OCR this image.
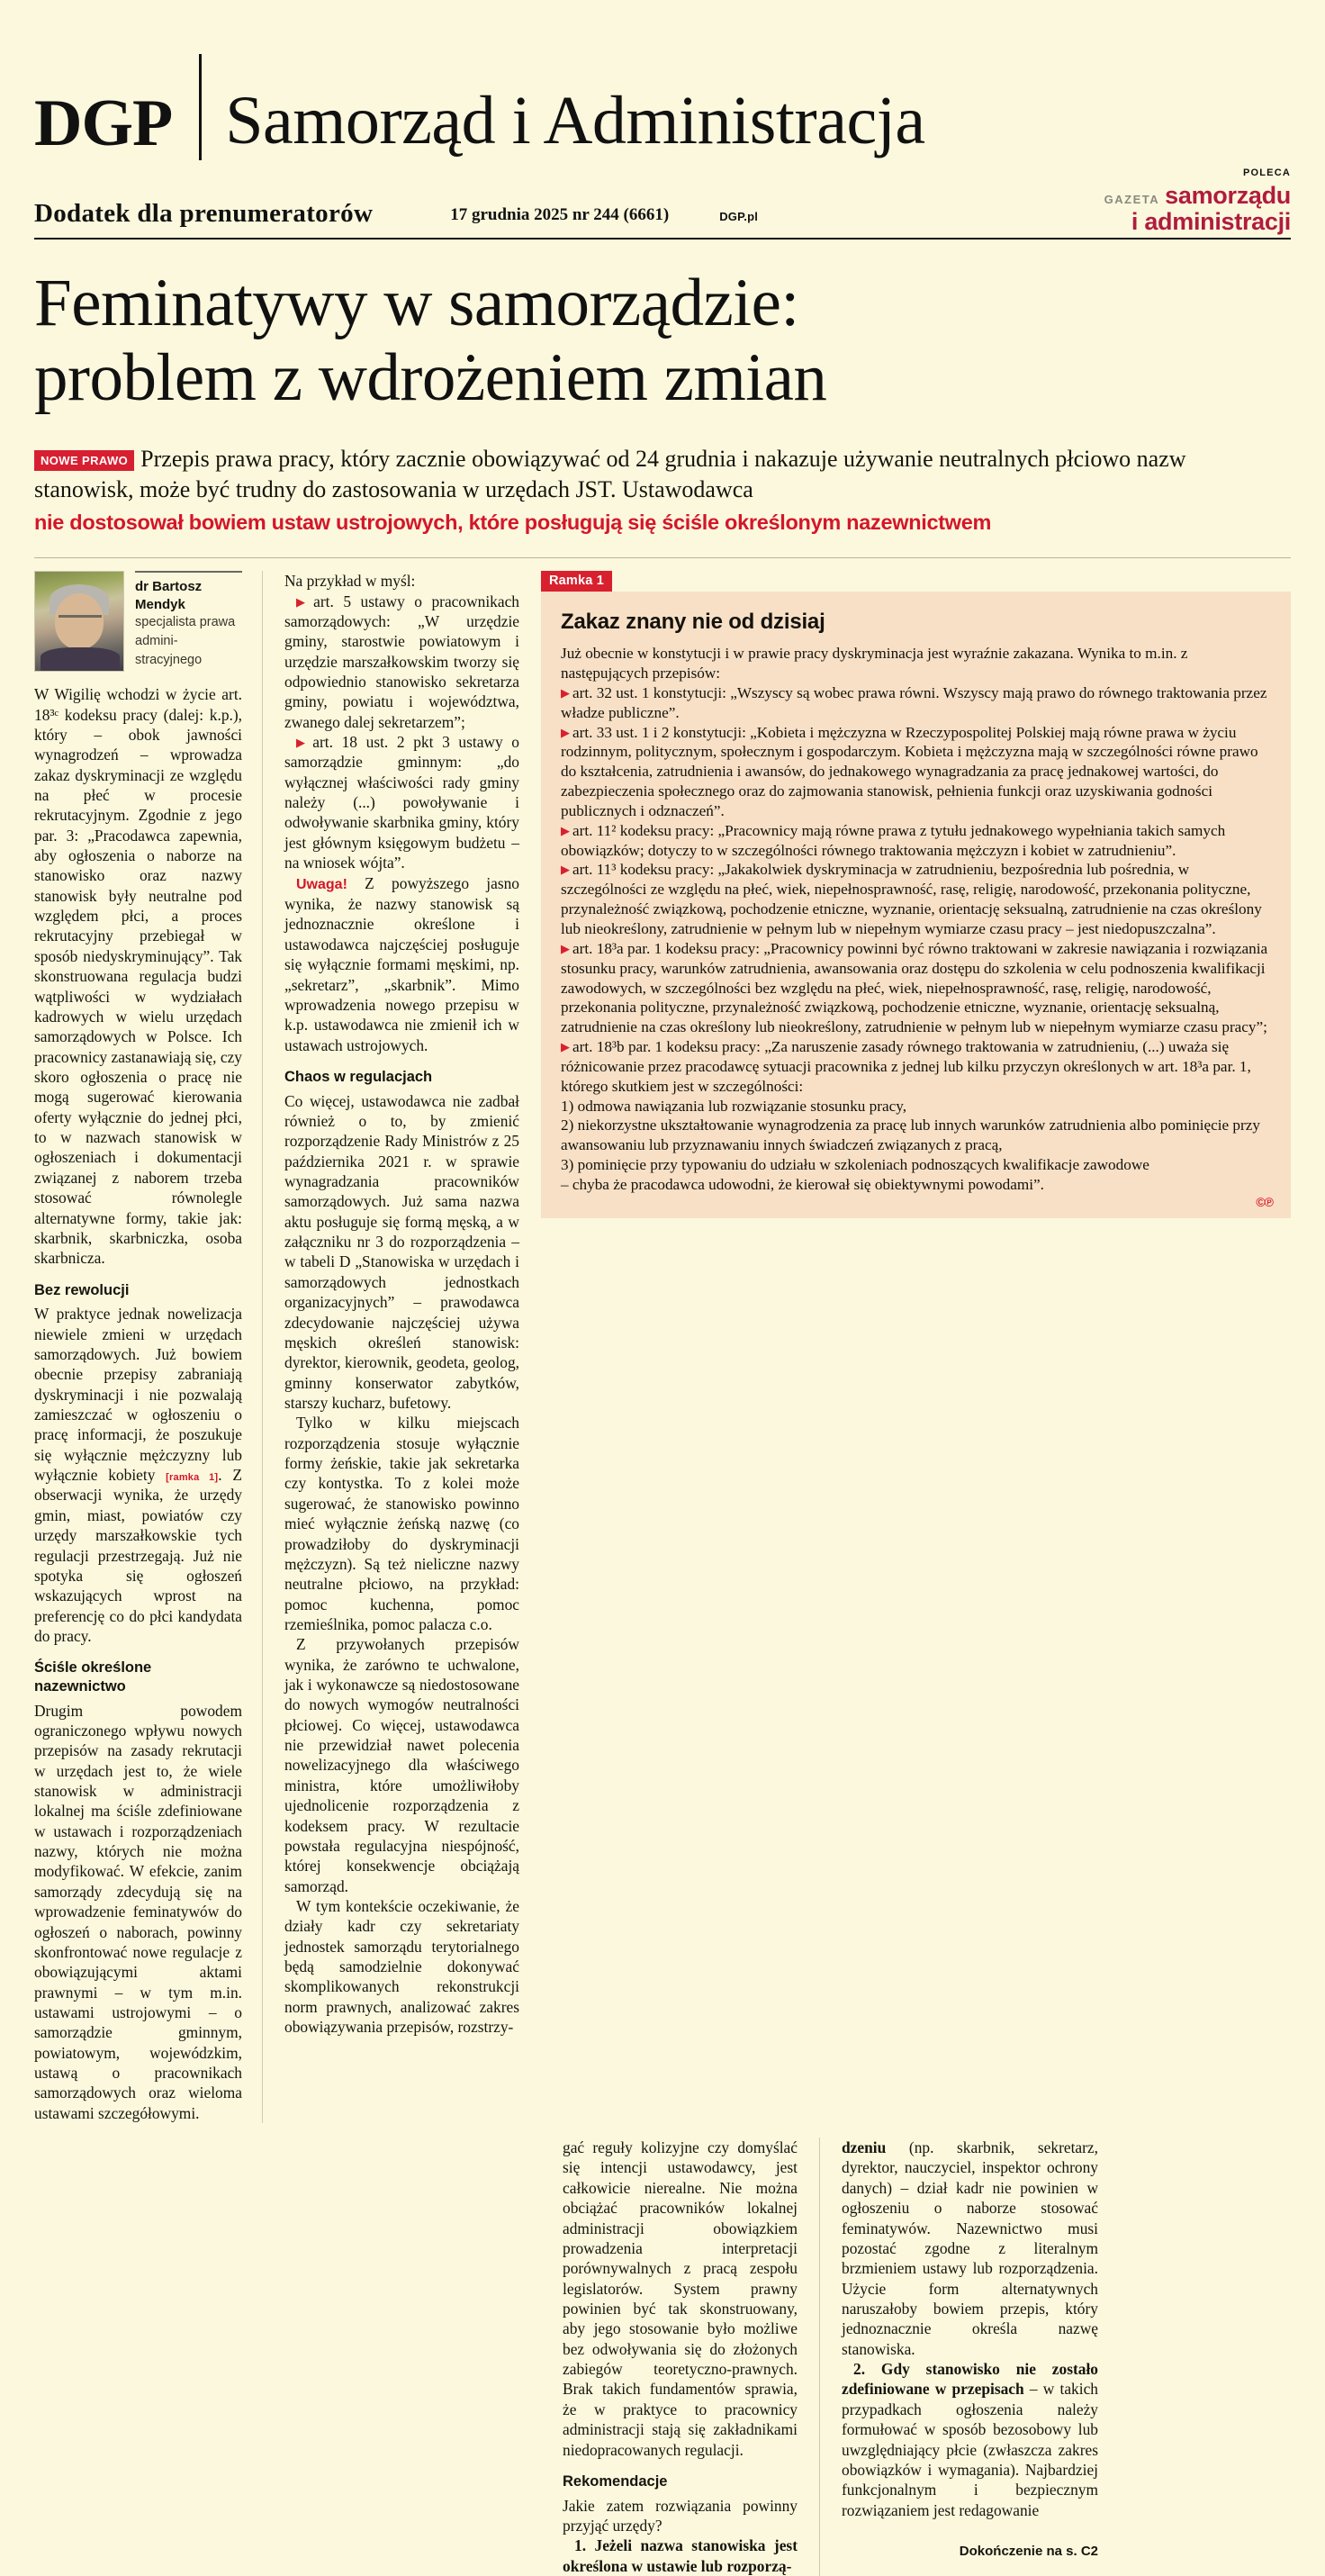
DGP Samorząd i Administracja
Dodatek dla prenumeratorów	17 grudnia 2025 nr 244 (6661)	DGP.pl
POLECA
GAZETA samorządu
i administracji
Feminatywy w samorządzie:
problem z wdrożeniem zmian
NOWE PRAWO Przepis prawa pracy, który zacznie obowiązywać od 24 grudnia i nakazuje używanie neutralnych płciowo nazw stanowisk, może być trudny do zastosowania w urzędach JST. Ustawodawca
nie dostosował bowiem ustaw ustrojowych, które posługują się ściśle określonym nazewnictwem
dr Bartosz Mendyk
specjalista prawa admini-
stracyjnego

W Wigilię wchodzi w życie art. 18³ᶜ kodeksu pracy (dalej: k.p.), który – obok jawności wynagrodzeń – wprowadza zakaz dyskryminacji ze względu na płeć w procesie rekrutacyjnym. Zgodnie z jego par. 3: „Pracodawca zapewnia, aby ogłoszenia o naborze na stanowisko oraz nazwy stanowisk były neutralne pod względem płci, a proces rekrutacyjny przebiegał w sposób niedyskryminujący”. Tak skonstruowana regulacja budzi wątpliwości w wydziałach kadrowych w wielu urzędach samorządowych w Polsce. Ich pracownicy zastanawiają się, czy skoro ogłoszenia o pracę nie mogą sugerować kierowania oferty wyłącznie do jednej płci, to w nazwach stanowisk w ogłoszeniach i dokumentacji związanej z naborem trzeba stosować równolegle alternatywne formy, takie jak: skarbnik, skarbniczka, osoba skarbnicza.

Bez rewolucji

W praktyce jednak nowelizacja niewiele zmieni w urzędach samorządowych. Już bowiem obecnie przepisy zabraniają dyskryminacji i nie pozwalają zamieszczać w ogłoszeniu o pracę informacji, że poszukuje się wyłącznie mężczyzny lub wyłącznie kobiety [ramka 1]. Z obserwacji wynika, że urzędy gmin, miast, powiatów czy urzędy marszałkowskie tych regulacji przestrzegają. Już nie spotyka się ogłoszeń wskazujących wprost na preferencję co do płci kandydata do pracy.

Ściśle określone nazewnictwo

Drugim powodem ograniczonego wpływu nowych przepisów na zasady rekrutacji w urzędach jest to, że wiele stanowisk w administracji lokalnej ma ściśle zdefiniowane w ustawach i rozporządzeniach nazwy, których nie można modyfikować. W efekcie, zanim samorządy zdecydują się na wprowadzenie feminatywów do ogłoszeń o naborach, powinny skonfrontować nowe regulacje z obowiązującymi aktami prawnymi – w tym m.in. ustawami ustrojowymi – o samorządzie gminnym, powiatowym, wojewódzkim, ustawą o pracownikach samorządowych oraz wieloma ustawami szczegółowymi.

Na przykład w myśl:

▶ art. 5 ustawy o pracownikach samorządowych: „W urzędzie gminy, starostwie powiatowym i urzędzie marszałkowskim tworzy się odpowiednio stanowisko sekretarza gminy, powiatu i województwa, zwanego dalej sekretarzem”;

▶ art. 18 ust. 2 pkt 3 ustawy o samorządzie gminnym: „do wyłącznej właściwości rady gminy należy (...) powoływanie i odwoływanie skarbnika gminy, który jest głównym księgowym budżetu – na wniosek wójta”.

Uwaga! Z powyższego jasno wynika, że nazwy stanowisk są jednoznacznie określone i ustawodawca najczęściej posługuje się wyłącznie formami męskimi, np. „sekretarz”, „skarbnik”. Mimo wprowadzenia nowego przepisu w k.p. ustawodawca nie zmienił ich w ustawach ustrojowych.

Chaos w regulacjach

Co więcej, ustawodawca nie zadbał również o to, by zmienić rozporządzenie Rady Ministrów z 25 października 2021 r. w sprawie wynagradzania pracowników samorządowych. Już sama nazwa aktu posługuje się formą męską, a w załączniku nr 3 do rozporządzenia – w tabeli D „Stanowiska w urzędach i samorządowych jednostkach organizacyjnych” – prawodawca zdecydowanie najczęściej używa męskich określeń stanowisk: dyrektor, kierownik, geodeta, geolog, gminny konserwator zabytków, starszy kucharz, bufetowy.

Tylko w kilku miejscach rozporządzenia stosuje wyłącznie formy żeńskie, takie jak sekretarka czy kontystka. To z kolei może sugerować, że stanowisko powinno mieć wyłącznie żeńską nazwę (co prowadziłoby do dyskryminacji mężczyzn). Są też nieliczne nazwy neutralne płciowo, na przykład: pomoc kuchenna, pomoc rzemieślnika, pomoc palacza c.o.

Z przywołanych przepisów wynika, że zarówno te uchwalone, jak i wykonawcze są niedostosowane do nowych wymogów neutralności płciowej. Co więcej, ustawodawca nie przewidział nawet polecenia nowelizacyjnego dla właściwego ministra, które umożliwiłoby ujednolicenie rozporządzenia z kodeksem pracy. W rezultacie powstała regulacyjna niespójność, której konsekwencje obciążają samorząd.

W tym kontekście oczekiwanie, że działy kadr czy sekretariaty jednostek samorządu terytorialnego będą samodzielnie dokonywać skomplikowanych rekonstrukcji norm prawnych, analizować zakres obowiązywania przepisów, rozstrzy-

Ramka 1
Zakaz znany nie od dzisiaj

Już obecnie w konstytucji i w prawie pracy dyskryminacja jest wyraźnie zakazana. Wynika to m.in. z następujących przepisów:

▶ art. 32 ust. 1 konstytucji: „Wszyscy są wobec prawa równi. Wszyscy mają prawo do równego traktowania przez władze publiczne”.

▶ art. 33 ust. 1 i 2 konstytucji: „Kobieta i mężczyzna w Rzeczypospolitej Polskiej mają równe prawa w życiu rodzinnym, politycznym, społecznym i gospodarczym. Kobieta i mężczyzna mają w szczególności równe prawo do kształcenia, zatrudnienia i awansów, do jednakowego wynagradzania za pracę jednakowej wartości, do zabezpieczenia społecznego oraz do zajmowania stanowisk, pełnienia funkcji oraz uzyskiwania godności publicznych i odznaczeń”.

▶ art. 11² kodeksu pracy: „Pracownicy mają równe prawa z tytułu jednakowego wypełniania takich samych obowiązków; dotyczy to w szczególności równego traktowania mężczyzn i kobiet w zatrudnieniu”.

▶ art. 11³ kodeksu pracy: „Jakakolwiek dyskryminacja w zatrudnieniu, bezpośrednia lub pośrednia, w szczególności ze względu na płeć, wiek, niepełnosprawność, rasę, religię, narodowość, przekonania polityczne, przynależność związkową, pochodzenie etniczne, wyznanie, orientację seksualną, zatrudnienie na czas określony lub nieokreślony, zatrudnienie w pełnym lub w niepełnym wymiarze czasu pracy – jest niedopuszczalna”.

▶ art. 18³a par. 1 kodeksu pracy: „Pracownicy powinni być równo traktowani w zakresie nawiązania i rozwiązania stosunku pracy, warunków zatrudnienia, awansowania oraz dostępu do szkolenia w celu podnoszenia kwalifikacji zawodowych, w szczególności bez względu na płeć, wiek, niepełnosprawność, rasę, religię, narodowość, przekonania polityczne, przynależność związkową, pochodzenie etniczne, wyznanie, orientację seksualną, zatrudnienie na czas określony lub nieokreślony, zatrudnienie w pełnym lub w niepełnym wymiarze czasu pracy”;

▶ art. 18³b par. 1 kodeksu pracy: „Za naruszenie zasady równego traktowania w zatrudnieniu, (...) uważa się różnicowanie przez pracodawcę sytuacji pracownika z jednej lub kilku przyczyn określonych w art. 18³a par. 1, którego skutkiem jest w szczególności:

1) odmowa nawiązania lub rozwiązanie stosunku pracy,

2) niekorzystne ukształtowanie wynagrodzenia za pracę lub innych warunków zatrudnienia albo pominięcie przy awansowaniu lub przyznawaniu innych świadczeń związanych z pracą,

3) pominięcie przy typowaniu do udziału w szkoleniach podnoszących kwalifikacje zawodowe

– chyba że pracodawca udowodni, że kierował się obiektywnymi powodami”.

©℗

gać reguły kolizyjne czy domyślać się intencji ustawodawcy, jest całkowicie nierealne. Nie można obciążać pracowników lokalnej administracji obowiązkiem prowadzenia interpretacji porównywalnych z pracą zespołu legislatorów. System prawny powinien być tak skonstruowany, aby jego stosowanie było możliwe bez odwoływania się do złożonych zabiegów teoretyczno-prawnych. Brak takich fundamentów sprawia, że w praktyce to pracownicy administracji stają się zakładnikami niedopracowanych regulacji.

Rekomendacje

Jakie zatem rozwiązania powinny przyjąć urzędy?

1. Jeżeli nazwa stanowiska jest określona w ustawie lub rozporzą-

dzeniu (np. skarbnik, sekretarz, dyrektor, nauczyciel, inspektor ochrony danych) – dział kadr nie powinien w ogłoszeniu o naborze stosować feminatywów. Nazewnictwo musi pozostać zgodne z literalnym brzmieniem ustawy lub rozporządzenia. Użycie form alternatywnych naruszałoby bowiem przepis, który jednoznacznie określa nazwę stanowiska.

2. Gdy stanowisko nie zostało zdefiniowane w przepisach – w takich przypadkach ogłoszenia należy formułować w sposób bezosobowy lub uwzględniający płcie (zwłaszcza zakres obowiązków i wymagania). Najbardziej funkcjonalnym i bezpiecznym rozwiązaniem jest redagowanie

Dokończenie na s. C2
